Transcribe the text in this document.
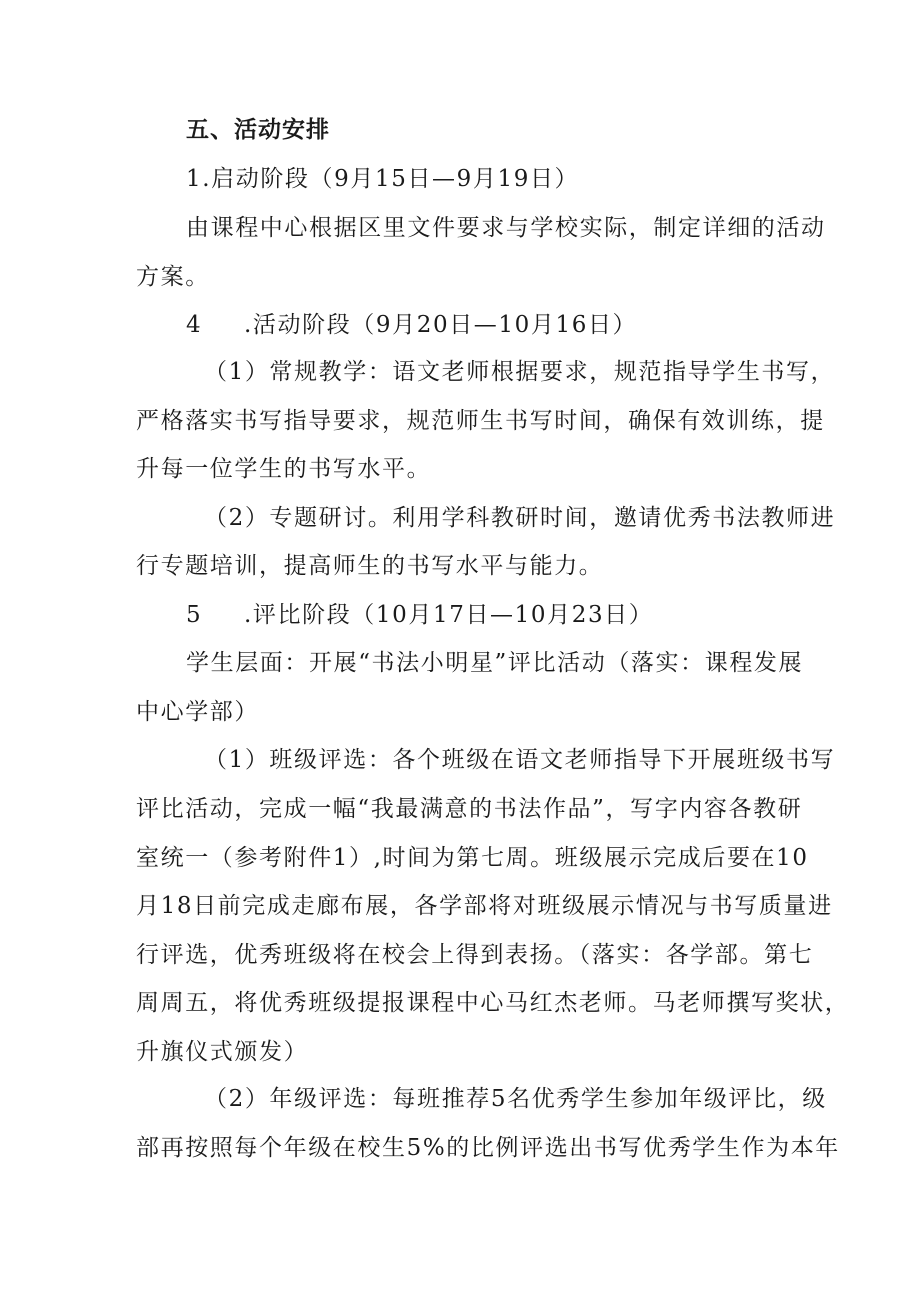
五、活动安排
1.启动阶段（9月15日—9月19日）
由课程中心根据区里文件要求与学校实际，制定详细的活动
方案。
4 .活动阶段（9月20日—10月16日）
（1）常规教学：语文老师根据要求，规范指导学生书写，
严格落实书写指导要求，规范师生书写时间，确保有效训练，提
升每一位学生的书写水平。
（2）专题研讨。利用学科教研时间，邀请优秀书法教师进
行专题培训，提高师生的书写水平与能力。
5 .评比阶段（10月17日—10月23日）
学生层面：开展“书法小明星”评比活动（落实：课程发展
中心学部）
（1）班级评选：各个班级在语文老师指导下开展班级书写
评比活动，完成一幅“我最满意的书法作品”，写字内容各教研
室统一（参考附件1）,时间为第七周。班级展示完成后要在10
月18日前完成走廊布展，各学部将对班级展示情况与书写质量进
行评选，优秀班级将在校会上得到表扬。（落实：各学部。第七
周周五，将优秀班级提报课程中心马红杰老师。马老师撰写奖状，
升旗仪式颁发）
（2）年级评选：每班推荐5名优秀学生参加年级评比，级
部再按照每个年级在校生5%的比例评选出书写优秀学生作为本年
